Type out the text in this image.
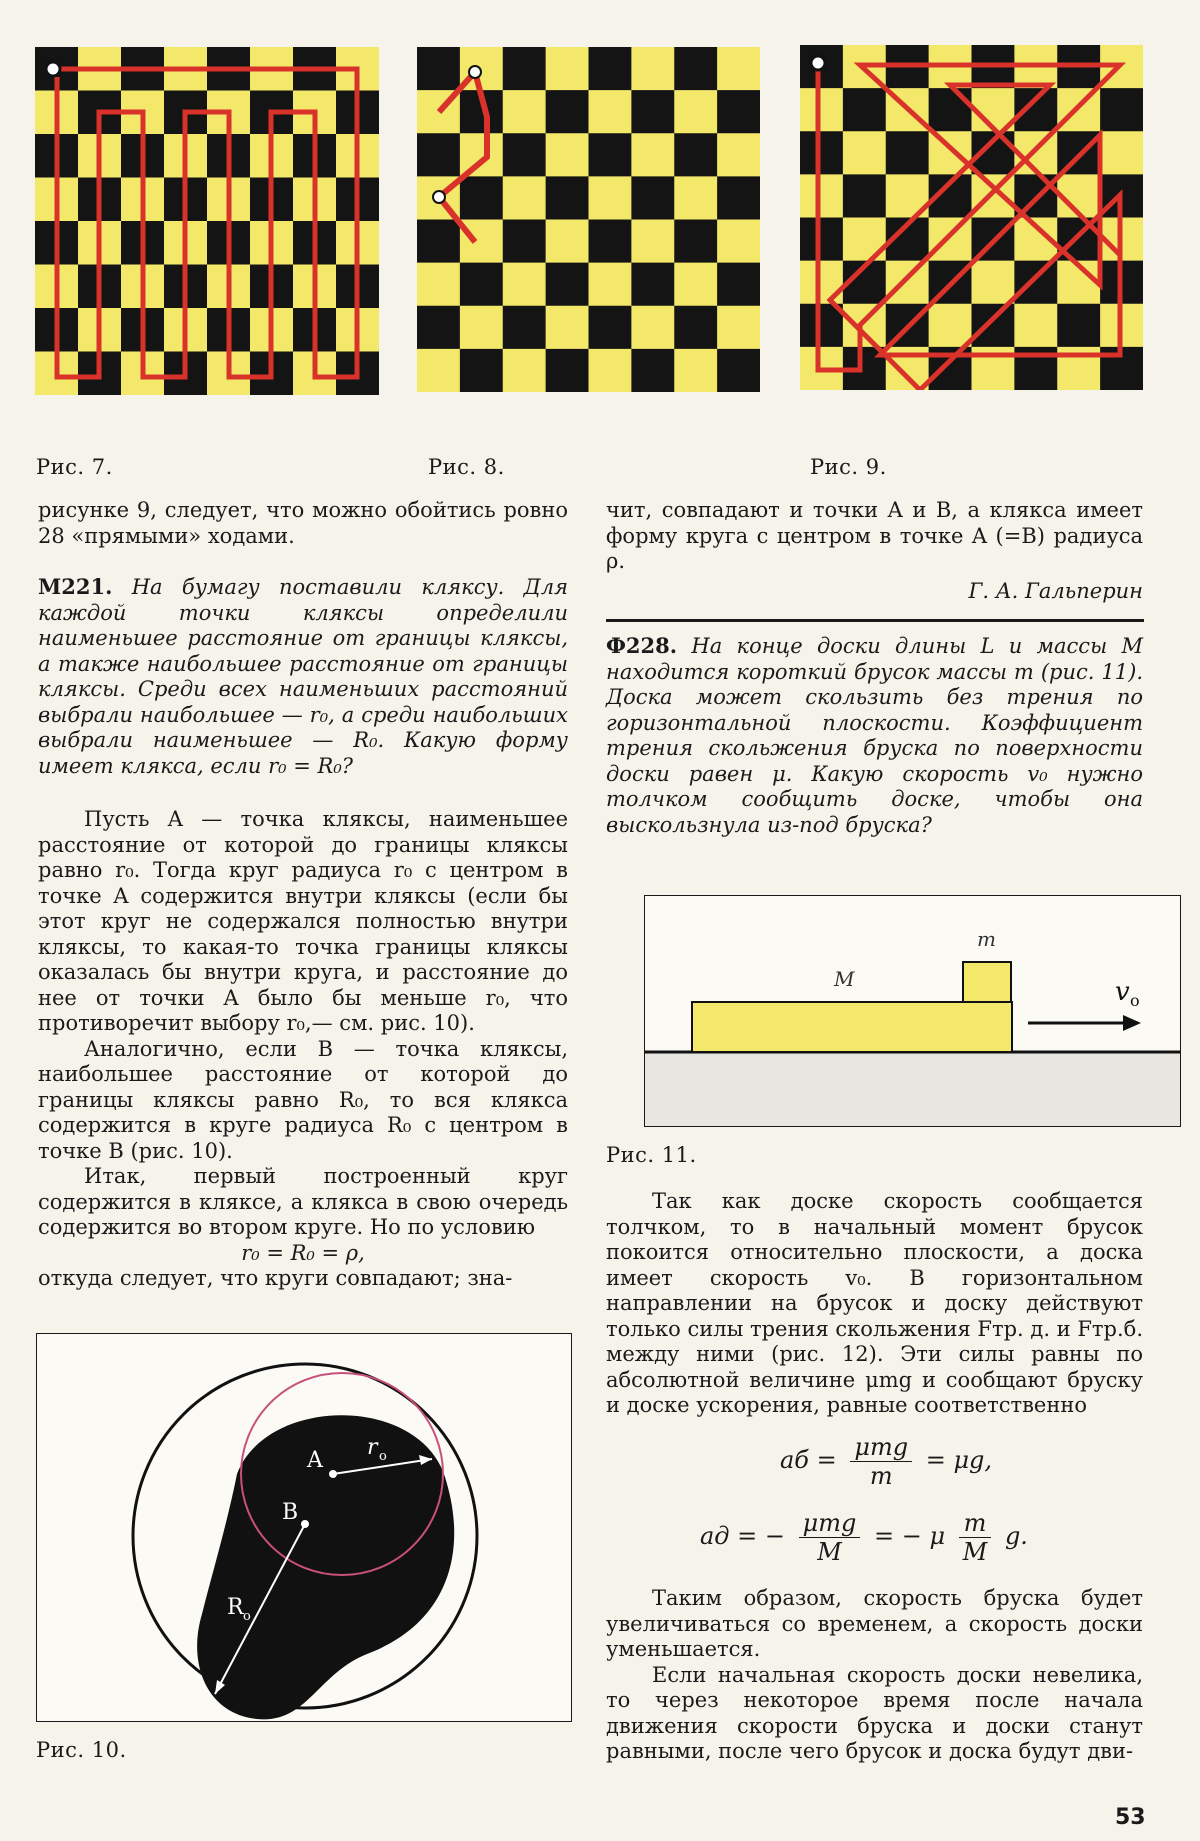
Рис. 7.	Рис. 8.	Рис. 9.

рисунке 9, следует, что можно обойтись ровно 28 «прямыми» ходами.

М221. На бумагу поставили кляксу. Для каждой точки кляксы определили наименьшее расстояние от границы кляксы, а также наибольшее расстояние от границы кляксы. Среди всех наименьших расстояний выбрали наибольшее — r₀, а среди наибольших выбрали наименьшее — R₀. Какую форму имеет клякса, если r₀ = R₀?

Пусть A — точка кляксы, наименьшее расстояние от которой до границы кляксы равно r₀. Тогда круг радиуса r₀ с центром в точке A содержится внутри кляксы (если бы этот круг не содержался полностью внутри кляксы, то какая-то точка границы кляксы оказалась бы внутри круга, и расстояние до нее от точки A было бы меньше r₀, что противоречит выбору r₀,— см. рис. 10).

Аналогично, если B — точка кляксы, наибольшее расстояние от которой до границы кляксы равно R₀, то вся клякса содержится в круге радиуса R₀ с центром в точке B (рис. 10).

Итак, первый построенный круг содержится в кляксе, а клякса в свою очередь содержится во втором круге. Но по условию

r₀ = R₀ = ρ,

откуда следует, что круги совпадают; зна-

A
B
r o
R o
Рис. 10.

чит, совпадают и точки A и B, а клякса имеет форму круга с центром в точке A (=B) радиуса ρ.

Г. А. Гальперин

Ф228. На конце доски длины L и массы M находится короткий брусок массы m (рис. 11). Доска может скользить без трения по горизонтальной плоскости. Коэффициент трения скольжения бруска по поверхности доски равен μ. Какую скорость v₀ нужно толчком сообщить доске, чтобы она выскользнула из-под бруска?

M
m
v o
Рис. 11.

Так как доске скорость сообщается толчком, то в начальный момент брусок покоится относительно плоскости, а доска имеет скорость v₀. В горизонтальном направлении на брусок и доску действуют только силы трения скольжения Fтр. д. и Fтр.б. между ними (рис. 12). Эти силы равны по абсолютной величине μmg и сообщают бруску и доске ускорения, равные соответственно

aб = $\frac{\text{μmg}}{m} = \mu g$,
aд = − $\frac{\text{μmg}}{M}$ = − μ $\frac{m}{M} g$.

Таким образом, скорость бруска будет увеличиваться со временем, а скорость доски уменьшается.

Если начальная скорость доски невелика, то через некоторое время после начала движения скорости бруска и доски станут равными, после чего брусок и доска будут дви-

53
